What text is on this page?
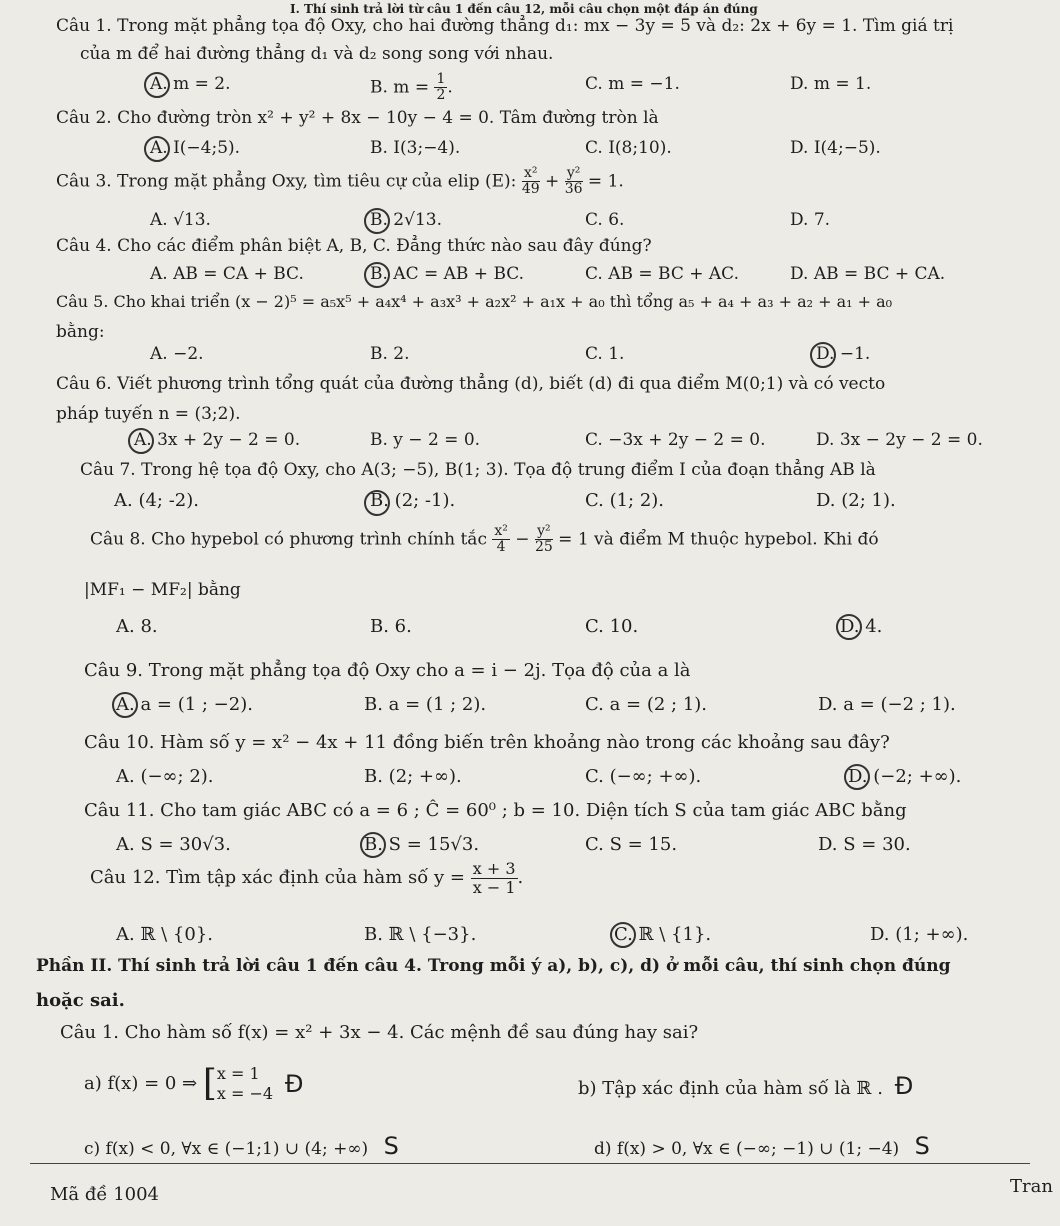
I. Thí sinh trả lời từ câu 1 đến câu 12, mỗi câu chọn một đáp án đúng
Câu 1. Trong mặt phẳng tọa độ Oxy, cho hai đường thẳng d₁: mx − 3y = 5 và d₂: 2x + 6y = 1. Tìm giá trị
của m để hai đường thẳng d₁ và d₂ song song với nhau.
A. m = 2.	B. $m = \frac{1}{2}$ .	C. m = −1.	D. m = 1.
Câu 2. Cho đường tròn x² + y² + 8x − 10y − 4 = 0. Tâm đường tròn là
A. I(−4;5).	B. I(3;−4).	C. I(8;10).	D. I(4;−5).
Câu 3. Trong mặt phẳng Oxy, tìm tiêu cự của elip (E): $\frac{\text{x²}}{49} + \frac{\text{y²}}{36} = 1$.
A. √13.	B. 2√13.	C. 6.	D. 7.
Câu 4. Cho các điểm phân biệt A, B, C. Đẳng thức nào sau đây đúng?
A. AB = CA + BC.	B. AC = AB + BC.	C. AB = BC + AC.	D. AB = BC + CA.
Câu 5. Cho khai triển (x − 2)⁵ = a₅x⁵ + a₄x⁴ + a₃x³ + a₂x² + a₁x + a₀ thì tổng a₅ + a₄ + a₃ + a₂ + a₁ + a₀
bằng:
A. −2.	B. 2.	C. 1.	D. −1.
Câu 6. Viết phương trình tổng quát của đường thẳng (d), biết (d) đi qua điểm M(0;1) và có vecto
pháp tuyến n = (3;2).
A. 3x + 2y − 2 = 0.	B. y − 2 = 0.	C. −3x + 2y − 2 = 0.	D. 3x − 2y − 2 = 0.
Câu 7. Trong hệ tọa độ Oxy, cho A(3; −5), B(1; 3). Tọa độ trung điểm I của đoạn thẳng AB là
A. (4; -2).	B. (2; -1).	C. (1; 2).	D. (2; 1).
Câu 8. Cho hypebol có phương trình chính tắc $\frac{\text{x²}}{4} - \frac{\text{y²}}{25} = 1$ và điểm M thuộc hypebol. Khi đó
|MF₁ − MF₂| bằng
A. 8.	B. 6.	C. 10.	D. 4.
Câu 9. Trong mặt phẳng tọa độ Oxy cho a = i − 2j. Tọa độ của a là
A. a = (1 ; −2).	B. a = (1 ; 2).	C. a = (2 ; 1).	D. a = (−2 ; 1).
Câu 10. Hàm số y = x² − 4x + 11 đồng biến trên khoảng nào trong các khoảng sau đây?
A. (−∞; 2).	B. (2; +∞).	C. (−∞; +∞).	D. (−2; +∞).
Câu 11. Cho tam giác ABC có a = 6 ; Ĉ = 60⁰ ; b = 10. Diện tích S của tam giác ABC bằng
A. S = 30√3.	B. S = 15√3.	C. S = 15.	D. S = 30.
Câu 12. Tìm tập xác định của hàm số $y = \frac{x + 3}{x - 1}$ .
A. ℝ \ {0}.	B. ℝ \ {−3}.	C. ℝ \ {1}.	D. (1; +∞).
Phần II. Thí sinh trả lời câu 1 đến câu 4. Trong mỗi ý a), b), c), d) ở mỗi câu, thí sinh chọn đúng
hoặc sai.
Câu 1. Cho hàm số f(x) = x² + 3x − 4. Các mệnh đề sau đúng hay sai?
a) f(x) = 0 ⇒ [ x = 1
x = −4 Đ	b) Tập xác định của hàm số là ℝ . Đ
c) f(x) < 0, ∀x ∈ (−1;1) ∪ (4; +∞) S	d) f(x) > 0, ∀x ∈ (−∞; −1) ∪ (1; −4) S
Mã đề 1004	Tran
